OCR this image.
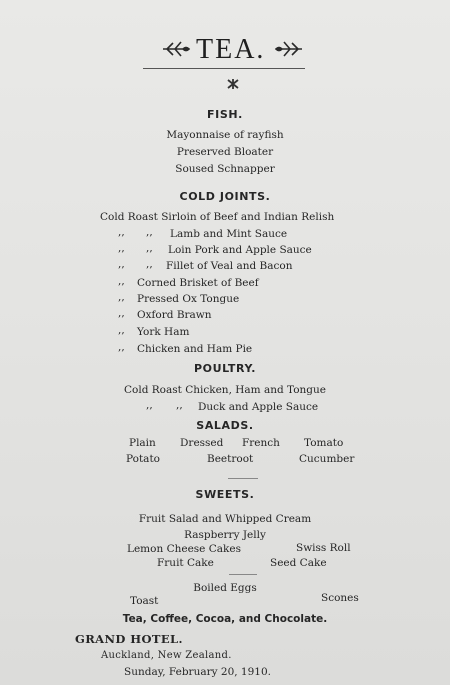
TEA.
FISH.
Mayonnaise of rayfish
Preserved Bloater
Soused Schnapper
COLD JOINTS.
Cold Roast Sirloin of Beef and Indian Relish
,, ,, Lamb and Mint Sauce
,, ,, Loin Pork and Apple Sauce
,, ,, Fillet of Veal and Bacon
,, Corned Brisket of Beef
,, Pressed Ox Tongue
,, Oxford Brawn
,, York Ham
,, Chicken and Ham Pie
POULTRY.
Cold Roast Chicken, Ham and Tongue
,, ,, Duck and Apple Sauce
SALADS.
Plain Dressed French Tomato
Potato	Beetroot	Cucumber
SWEETS.
Fruit Salad and Whipped Cream
Raspberry Jelly
Lemon Cheese Cakes	Swiss Roll
Fruit Cake	Seed Cake
Boiled Eggs
Toast	Scones
Tea, Coffee, Cocoa, and Chocolate.
GRAND HOTEL.
Auckland, New Zealand.
Sunday, February 20, 1910.
